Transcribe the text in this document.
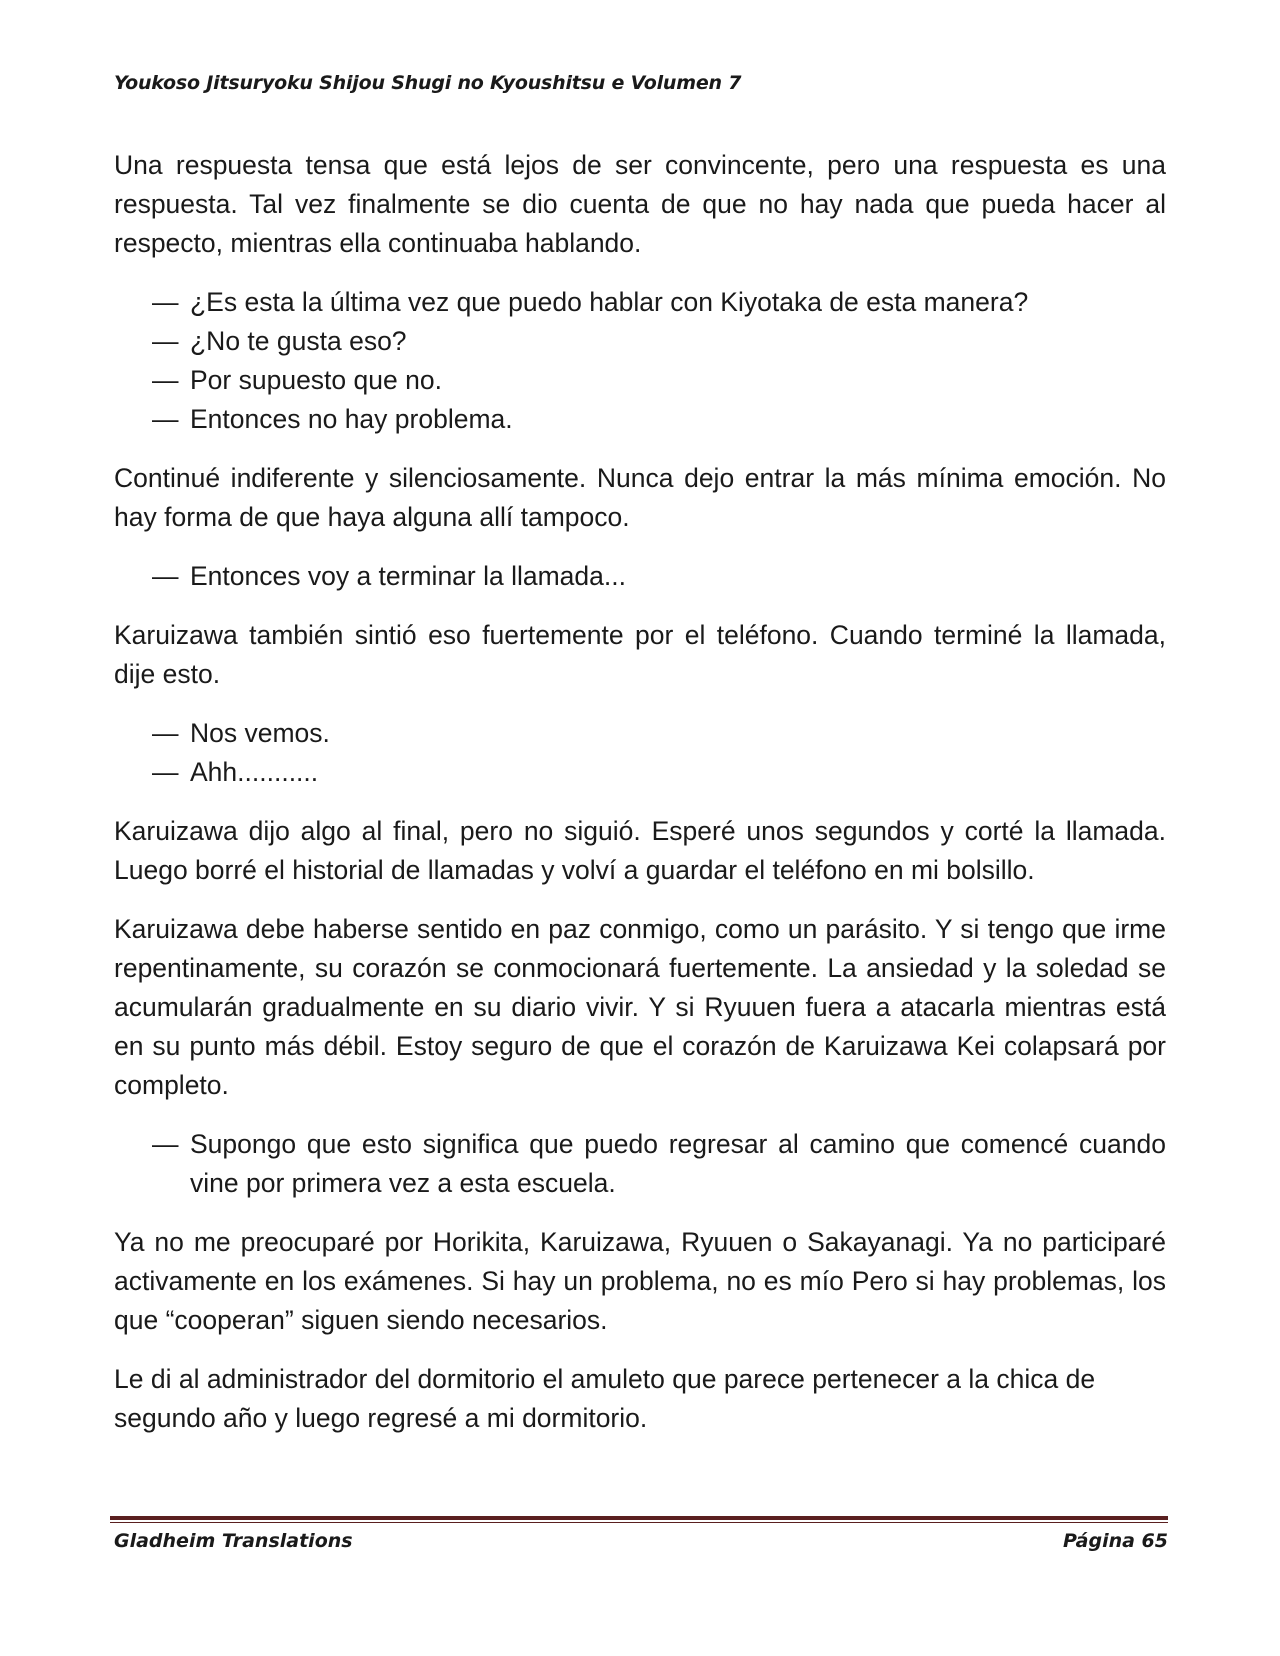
Youkoso Jitsuryoku Shijou Shugi no Kyoushitsu e Volumen 7

Una respuesta tensa que está lejos de ser convincente, pero una respuesta es una respuesta. Tal vez finalmente se dio cuenta de que no hay nada que pueda hacer al respecto, mientras ella continuaba hablando.

— ¿Es esta la última vez que puedo hablar con Kiyotaka de esta manera?
— ¿No te gusta eso?
— Por supuesto que no.
— Entonces no hay problema.

Continué indiferente y silenciosamente. Nunca dejo entrar la más mínima emoción. No hay forma de que haya alguna allí tampoco.

— Entonces voy a terminar la llamada...

Karuizawa también sintió eso fuertemente por el teléfono. Cuando terminé la llamada, dije esto.

— Nos vemos.
— Ahh...........

Karuizawa dijo algo al final, pero no siguió. Esperé unos segundos y corté la llamada. Luego borré el historial de llamadas y volví a guardar el teléfono en mi bolsillo.

Karuizawa debe haberse sentido en paz conmigo, como un parásito. Y si tengo que irme repentinamente, su corazón se conmocionará fuertemente. La ansiedad y la soledad se acumularán gradualmente en su diario vivir. Y si Ryuuen fuera a atacarla mientras está en su punto más débil. Estoy seguro de que el corazón de Karuizawa Kei colapsará por completo.

— Supongo que esto significa que puedo regresar al camino que comencé cuando vine por primera vez a esta escuela.

Ya no me preocuparé por Horikita, Karuizawa, Ryuuen o Sakayanagi. Ya no participaré activamente en los exámenes. Si hay un problema, no es mío Pero si hay problemas, los que “cooperan” siguen siendo necesarios.

Le di al administrador del dormitorio el amuleto que parece pertenecer a la chica de segundo año y luego regresé a mi dormitorio.

Gladheim Translations	Página 65
